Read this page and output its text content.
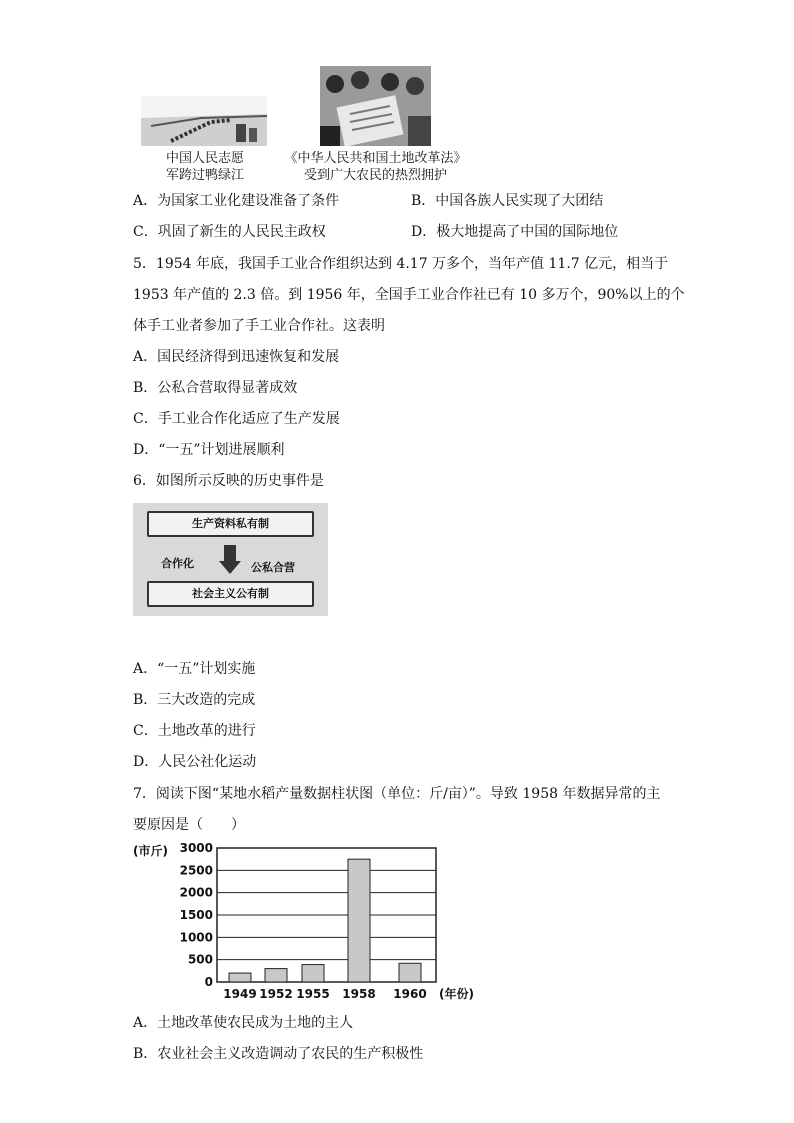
中国人民志愿
军跨过鸭绿江
《中华人民共和国土地改革法》
受到广大农民的热烈拥护
A．为国家工业化建设准备了条件	B．中国各族人民实现了大团结
C．巩固了新生的人民民主政权	D．极大地提高了中国的国际地位
5．1954 年底，我国手工业合作组织达到 4.17 万多个，当年产值 11.7 亿元，相当于
1953 年产值的 2.3 倍。到 1956 年，全国手工业合作社已有 10 多万个，90%以上的个
体手工业者参加了手工业合作社。这表明
A．国民经济得到迅速恢复和发展
B．公私合营取得显著成效
C．手工业合作化适应了生产发展
D．“一五”计划进展顺利
6．如图所示反映的历史事件是
生产资料私有制
合作化	公私合营
社会主义公有制
A．“一五”计划实施
B．三大改造的完成
C．土地改革的进行
D．人民公社化运动
7．阅读下图“某地水稻产量数据柱状图（单位：斤/亩）”。导致 1958 年数据异常的主
要原因是（　　）
(市斤)
(年份)
0
500
1000
1500
2000
2500
3000
1949 1952 1955 1958 1960
A．土地改革使农民成为土地的主人
B．农业社会主义改造调动了农民的生产积极性
